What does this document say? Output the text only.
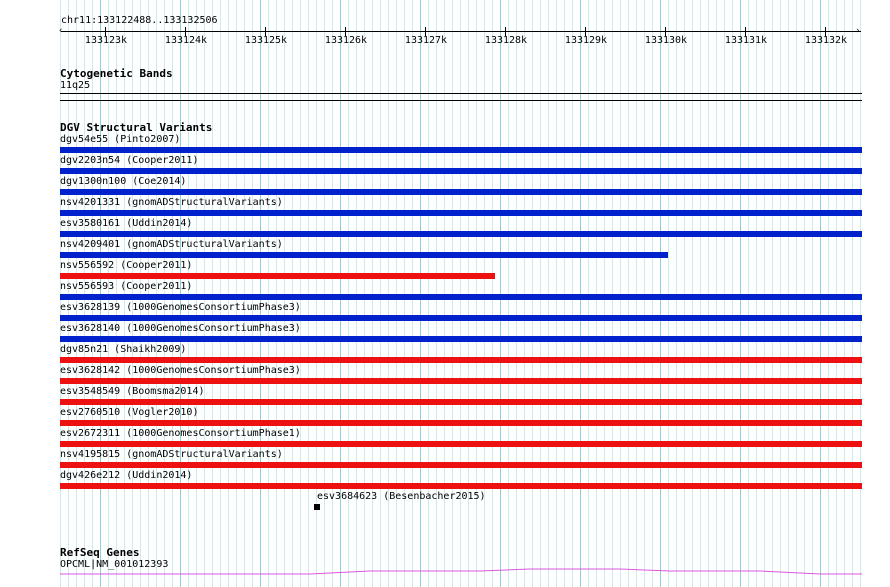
chr11:133122488..133132506
‹	›
133123k	133124k	133125k	133126k	133127k	133128k	133129k	133130k	133131k	133132k
Cytogenetic Bands
11q25
DGV Structural Variants
dgv54e55 (Pinto2007)
dgv2203n54 (Cooper2011)
dgv1300n100 (Coe2014)
nsv4201331 (gnomADStructuralVariants)
esv3580161 (Uddin2014)
nsv4209401 (gnomADStructuralVariants)
nsv556592 (Cooper2011)
nsv556593 (Cooper2011)
esv3628139 (1000GenomesConsortiumPhase3)
esv3628140 (1000GenomesConsortiumPhase3)
dgv85n21 (Shaikh2009)
esv3628142 (1000GenomesConsortiumPhase3)
esv3548549 (Boomsma2014)
esv2760510 (Vogler2010)
esv2672311 (1000GenomesConsortiumPhase1)
nsv4195815 (gnomADStructuralVariants)
dgv426e212 (Uddin2014)
esv3684623 (Besenbacher2015)
RefSeq Genes
OPCML|NM_001012393
